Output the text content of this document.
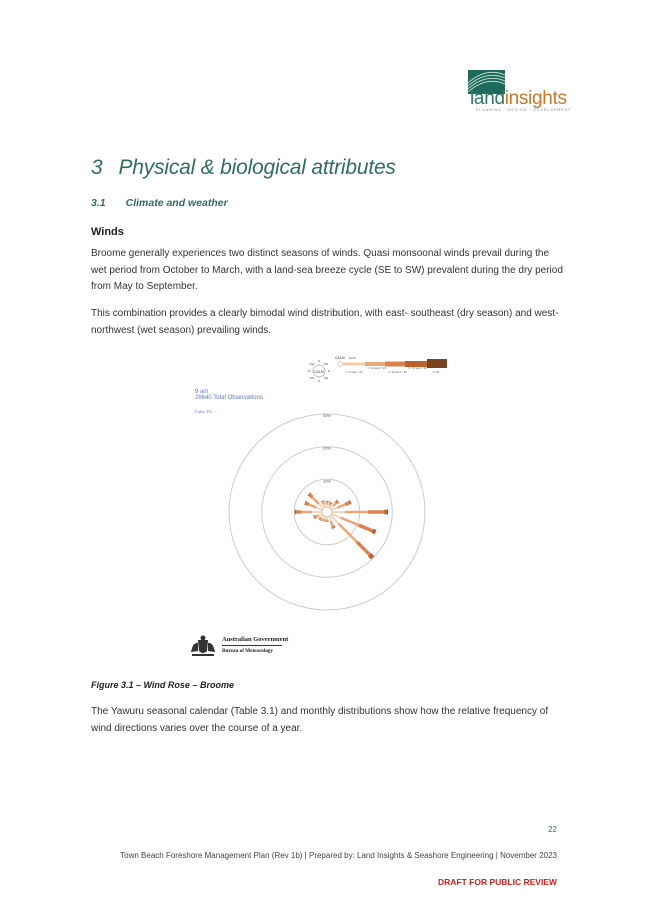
landinsights
PLANNING · DESIGN · DEVELOPMENT
3 Physical & biological attributes
3.1 Climate and weather
Winds
Broome generally experiences two distinct seasons of winds. Quasi monsoonal winds prevail during the wet period from October to March, with a land-sea breeze cycle (SE to SW) prevalent during the dry period from May to September.
This combination provides a clearly bimodal wind distribution, with east- southeast (dry season) and west-northwest (wet season) prevailing winds.
9 am
28640 Total Observations
Calm 3%
CALM
N
NE
E
SE
S
SW
W
NW
CALM km/h
>= 0 and < 10
>= 10 and < 20
>= 20 and < 30
>= 30 and < 40
>= 40
10%
20%
30%
Australian Government
Bureau of Meteorology
Figure 3.1 – Wind Rose – Broome
The Yawuru seasonal calendar (Table 3.1) and monthly distributions show how the relative frequency of wind directions varies over the course of a year.
22
Town Beach Foreshore Management Plan (Rev 1b) | Prepared by: Land Insights & Seashore Engineering | November 2023
DRAFT FOR PUBLIC REVIEW
